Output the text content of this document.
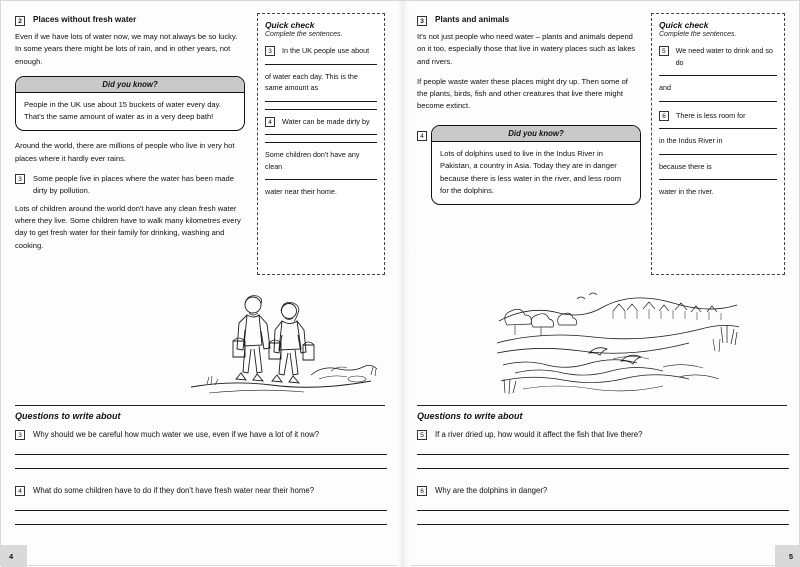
2	Places without fresh water

Even if we have lots of water now, we may not always be so lucky. In some years there might be lots of rain, and in other years, not enough.

Did you know?
People in the UK use about 15 buckets of water every day. That's the same amount of water as in a very deep bath!

Around the world, there are millions of people who live in very hot places where it hardly ever rains.

3	Some people live in places where the water has been made dirty by pollution.

Lots of children around the world don't have any clean fresh water where they live. Some children have to walk many kilometres every day to get fresh water for their family for drinking, washing and cooking.

Quick check
Complete the sentences.
3	In the UK people use about
of water each day. This is the same amount as
4	Water can be made dirty by
Some children don't have any clean
water near their home.
Questions to write about
3	Why should we be careful how much water we use, even if we have a lot of it now?
4	What do some children have to do if they don't have fresh water near their home?
4
3	Plants and animals

It's not just people who need water – plants and animals depend on it too, especially those that live in watery places such as lakes and rivers.

If people waste water these places might dry up. Then some of the plants, birds, fish and other creatures that live there might become extinct.

4	Did you know?
Lots of dolphins used to live in the Indus River in Pakistan, a country in Asia. Today they are in danger because there is less water in the river, and less room for the dolphins.
Quick check
Complete the sentences.
5	We need water to drink and so do
and
6	There is less room for
in the Indus River in
because there is
water in the river.
Questions to write about
5	If a river dried up, how would it affect the fish that live there?
6	Why are the dolphins in danger?
5
